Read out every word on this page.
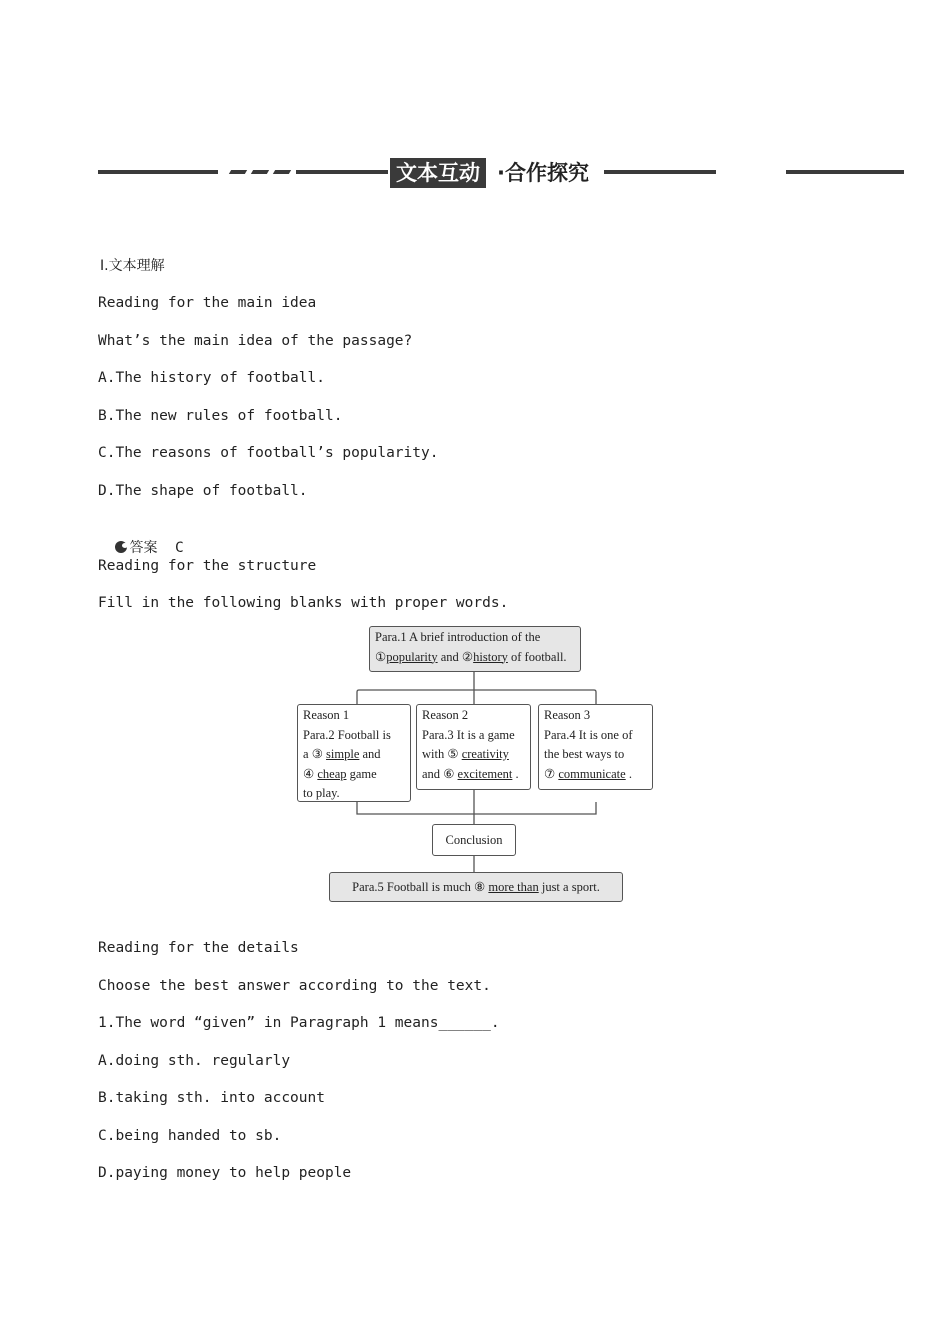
文本互动 ·合作探究
Ⅰ.文本理解
Reading for the main idea
What’s the main idea of the passage?
A.The history of football.
B.The new rules of football.
C.The reasons of football’s popularity.
D.The shape of football.

答案 C

Reading for the structure
Fill in the following blanks with proper words.
Para.1 A brief introduction of the
①popularity and ②history of football.
Reason 1
Para.2 Football is
a ③ simple and
④ cheap game
to play.
Reason 2
Para.3 It is a game
with ⑤ creativity
and ⑥ excitement .
Reason 3
Para.4 It is one of
the best ways to
⑦ communicate .
Conclusion
Para.5 Football is much ⑧ more than just a sport.
Reading for the details
Choose the best answer according to the text.
1.The word “given” in Paragraph 1 means______.
A.doing sth. regularly
B.taking sth. into account
C.being handed to sb.
D.paying money to help people
